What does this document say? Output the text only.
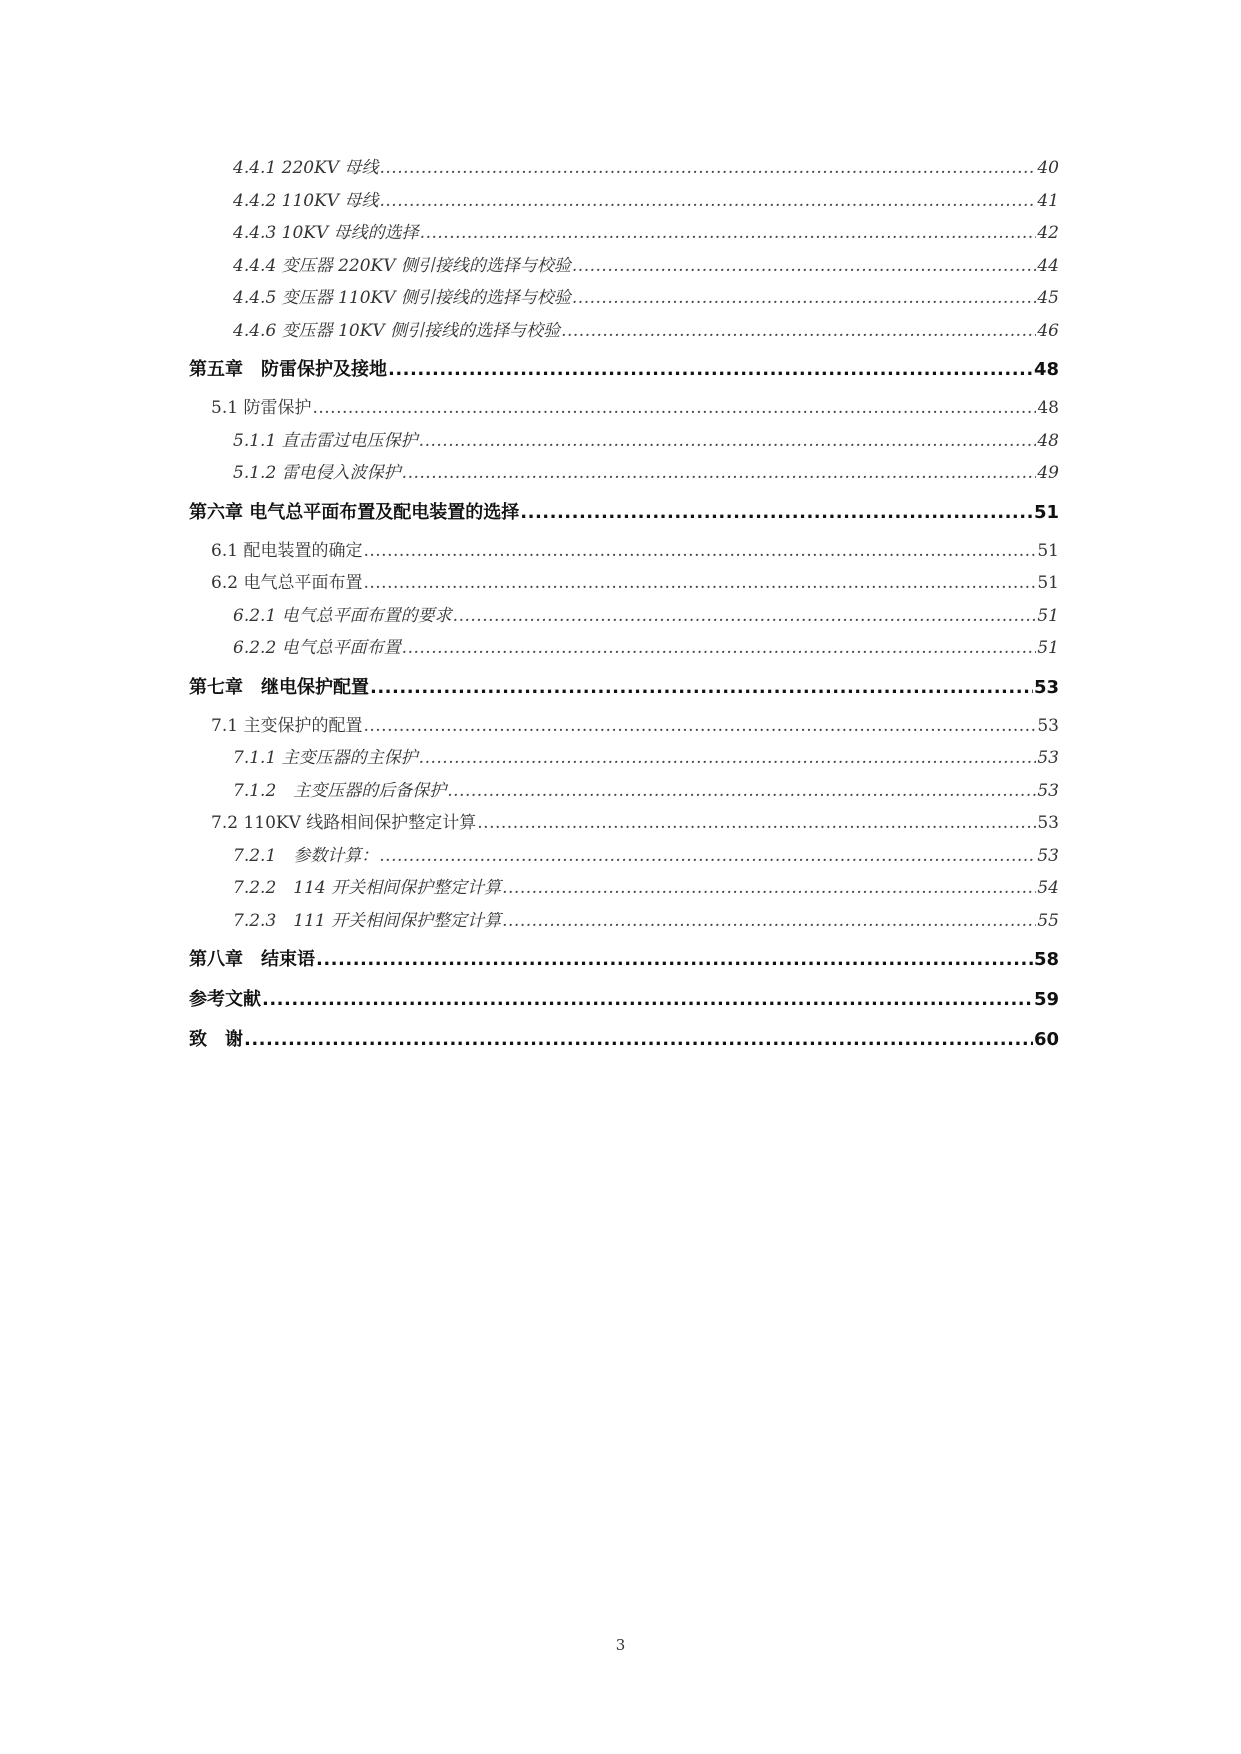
4.4.1 220KV 母线 .....	40
4.4.2 110KV 母线 .....	41
4.4.3 10KV 母线的选择 .....	42
4.4.4 变压器 220KV 侧引接线的选择与校验 .....	44
4.4.5 变压器 110KV 侧引接线的选择与校验 .....	45
4.4.6 变压器 10KV 侧引接线的选择与校验 .....	46
第五章　防雷保护及接地 .....	48
5.1 防雷保护 .....	48
5.1.1 直击雷过电压保护 .....	48
5.1.2 雷电侵入波保护 .....	49
第六章 电气总平面布置及配电装置的选择 .....	51
6.1 配电装置的确定 .....	51
6.2 电气总平面布置 .....	51
6.2.1 电气总平面布置的要求 .....	51
6.2.2 电气总平面布置 .....	51
第七章　继电保护配置 .....	53
7.1 主变保护的配置 .....	53
7.1.1 主变压器的主保护 .....	53
7.1.2　主变压器的后备保护 .....	53
7.2 110KV 线路相间保护整定计算 .....	53
7.2.1　参数计算： .....	53
7.2.2　114 开关相间保护整定计算 .....	54
7.2.3　111 开关相间保护整定计算 .....	55
第八章　结束语 .....	58
参考文献 .....	59
致　谢 .....	60
3
